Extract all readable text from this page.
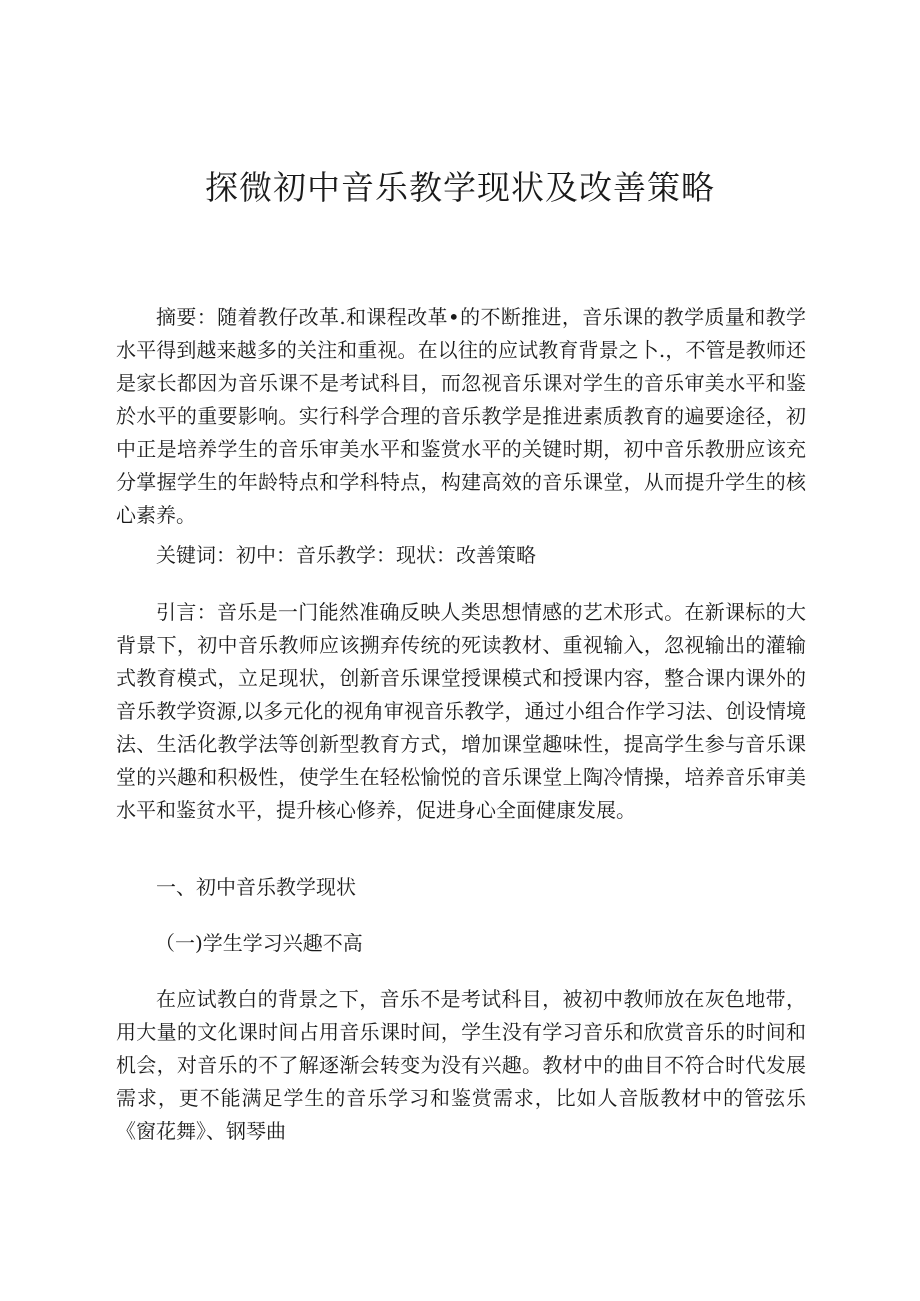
探微初中音乐教学现状及改善策略

摘要：随着教仔改革.和课程改革•的不断推进，音乐课的教学质量和教学水平得到越来越多的关注和重视。在以往的应试教育背景之卜.，不管是教师还是家长都因为音乐课不是考试科目，而忽视音乐课对学生的音乐审美水平和鉴於水平的重要影响。实行科学合理的音乐教学是推进素质教育的遍要途径，初中正是培养学生的音乐审美水平和鉴赏水平的关键时期，初中音乐教册应该充分掌握学生的年龄特点和学科特点，构建高效的音乐课堂，从而提升学生的核心素养。

关键词：初中：音乐教学：现状：改善策略

引言：音乐是一门能然准确反映人类思想情感的艺术形式。在新课标的大背景下，初中音乐教师应该搠弃传统的死读教材、重视输入，忽视输出的灌输式教育模式，立足现状，创新音乐课堂授课模式和授课内容，整合课内课外的音乐教学资源,以多元化的视角审视音乐教学，通过小组合作学习法、创设情境法、生活化教学法等创新型教育方式，增加课堂趣味性，提高学生参与音乐课堂的兴趣和积极性，使学生在轻松愉悦的音乐课堂上陶冷情操，培养音乐审美水平和鉴贫水平，提升核心修养，促进身心全面健康发展。

一、初中音乐教学现状
（一)学生学习兴趣不高

在应试教白的背景之下，音乐不是考试科目，被初中教师放在灰色地带，用大量的文化课时间占用音乐课时间，学生没有学习音乐和欣赏音乐的时间和机会，对音乐的不了解逐渐会转变为没有兴趣。教材中的曲目不符合时代发展需求，更不能满足学生的音乐学习和鉴赏需求，比如人音版教材中的管弦乐《窗花舞》、钢琴曲
